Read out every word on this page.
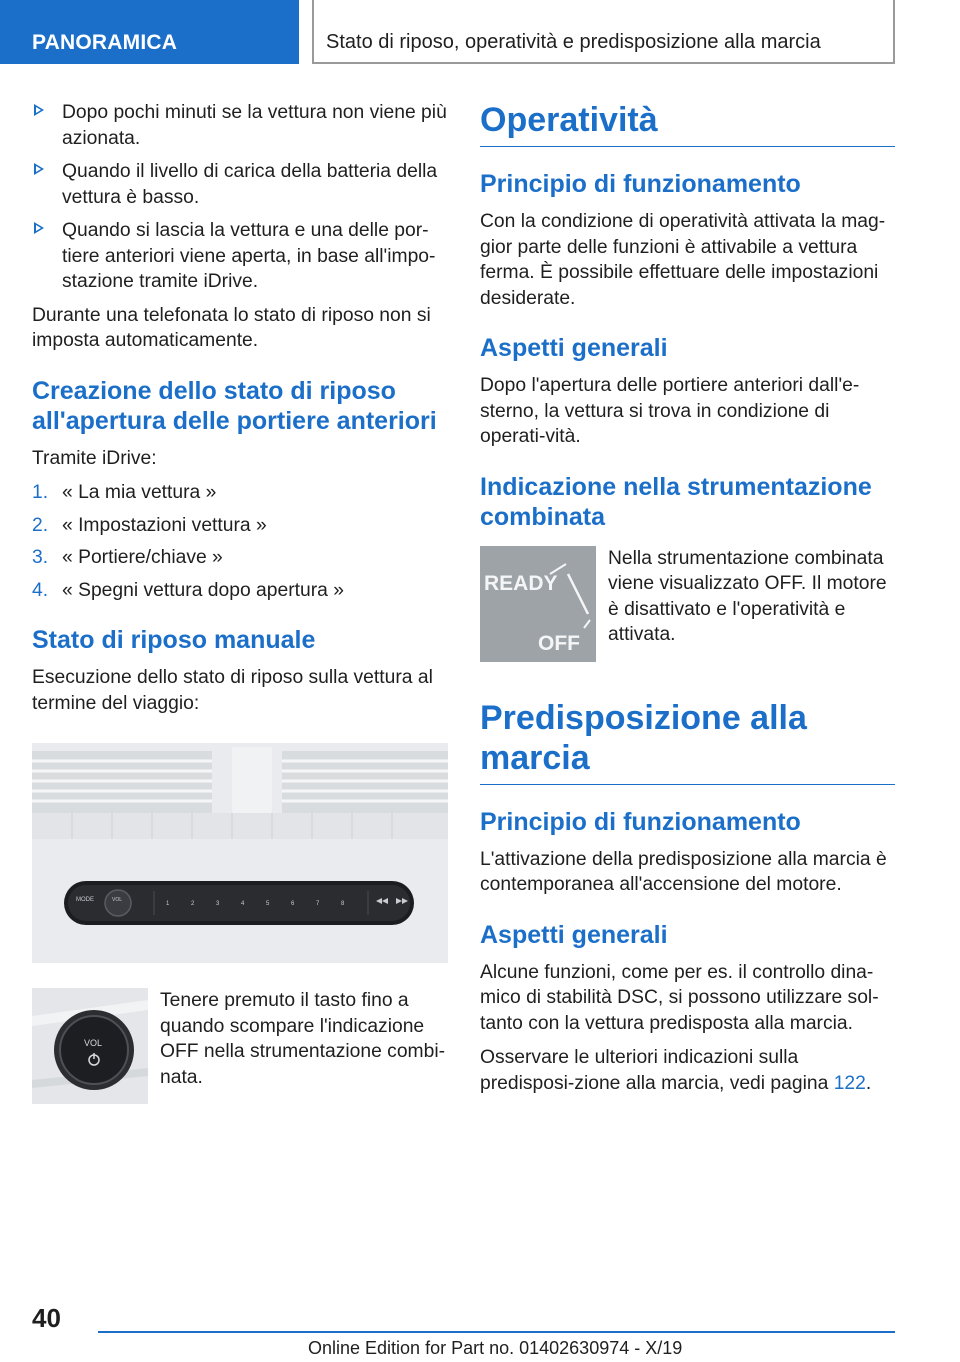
PANORAMICA	Stato di riposo, operatività e predisposizione alla marcia
Dopo pochi minuti se la vettura non viene più azionata.
Quando il livello di carica della batteria della vettura è basso.
Quando si lascia la vettura e una delle por-tiere anteriori viene aperta, in base all'impo-stazione tramite iDrive.

Durante una telefonata lo stato di riposo non si imposta automaticamente.

Creazione dello stato di riposo all'apertura delle portiere anteriori

Tramite iDrive:

1. « La mia vettura »
2. « Impostazioni vettura »
3. « Portiere/chiave »
4. « Spegni vettura dopo apertura »
Stato di riposo manuale

Esecuzione dello stato di riposo sulla vettura al termine del viaggio:

MODE	VOL
1	2	3	4	5	6	7	8
VOL
Tenere premuto il tasto fino a quando scompare l'indicazione OFF nella strumentazione combi-nata.
Operatività
Principio di funzionamento

Con la condizione di operatività attivata la mag-gior parte delle funzioni è attivabile a vettura ferma. È possibile effettuare delle impostazioni desiderate.

Aspetti generali

Dopo l'apertura delle portiere anteriori dall'e-sterno, la vettura si trova in condizione di operati-vità.

Indicazione nella strumentazione combinata
READY
OFF
Nella strumentazione combinata viene visualizzato OFF. Il motore è disattivato e l'operatività e attivata.
Predisposizione alla marcia
Principio di funzionamento

L'attivazione della predisposizione alla marcia è contemporanea all'accensione del motore.

Aspetti generali

Alcune funzioni, come per es. il controllo dina-mico di stabilità DSC, si possono utilizzare sol-tanto con la vettura predisposta alla marcia.

Osservare le ulteriori indicazioni sulla predisposi-zione alla marcia, vedi pagina 122.

40
Online Edition for Part no. 01402630974 - X/19
